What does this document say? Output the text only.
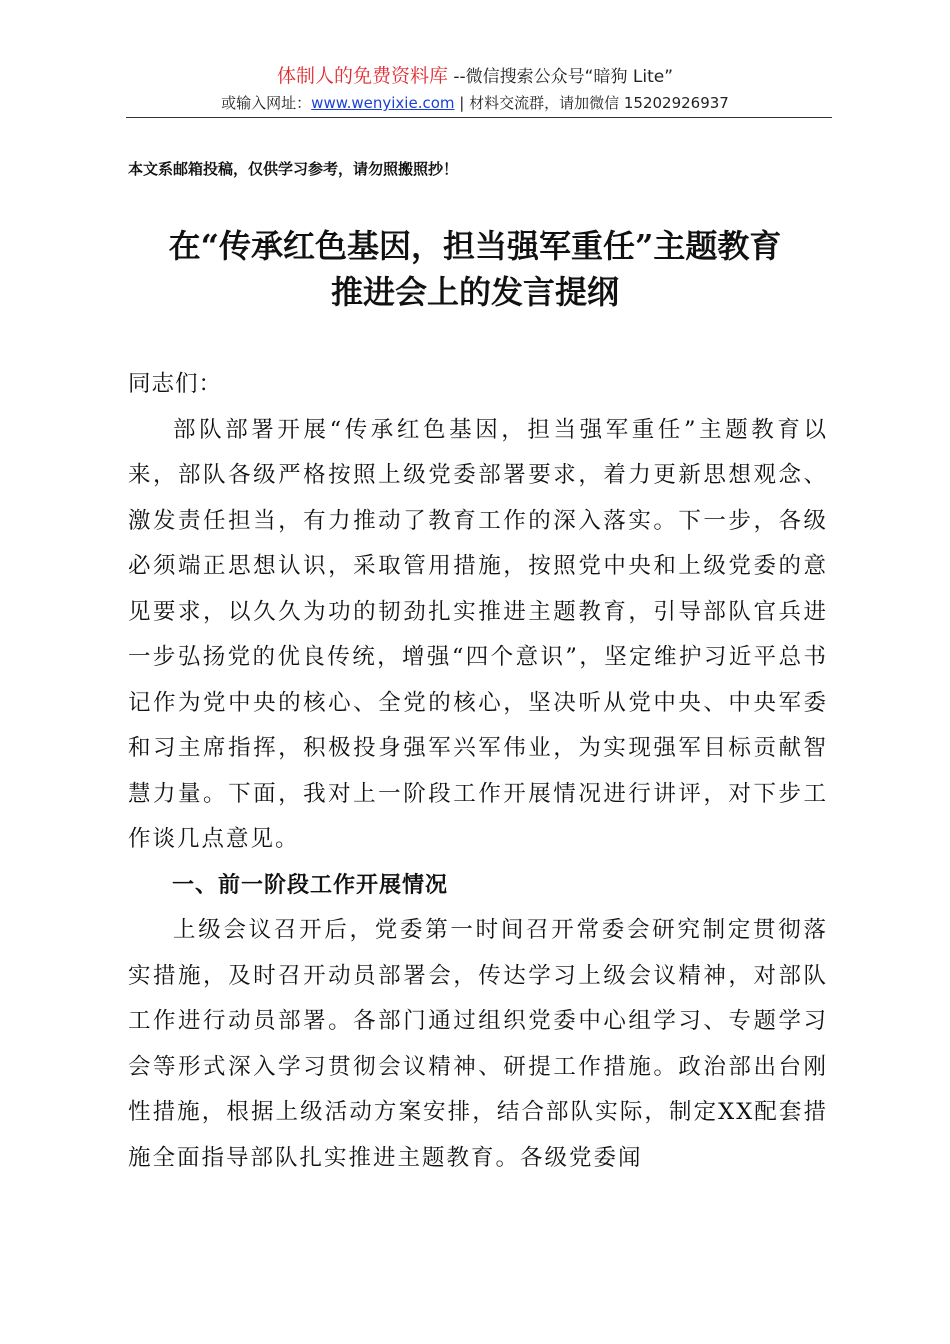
体制人的免费资料库 --微信搜索公众号“暗狗 Lite”
或输入网址：www.wenyixie.com | 材料交流群，请加微信 15202926937
本文系邮箱投稿，仅供学习参考，请勿照搬照抄！
在“传承红色基因，担当强军重任”主题教育
推进会上的发言提纲

同志们：

部队部署开展“传承红色基因，担当强军重任”主题教育以来，部队各级严格按照上级党委部署要求，着力更新思想观念、激发责任担当，有力推动了教育工作的深入落实。下一步，各级必须端正思想认识，采取管用措施，按照党中央和上级党委的意见要求，以久久为功的韧劲扎实推进主题教育，引导部队官兵进一步弘扬党的优良传统，增强“四个意识”，坚定维护习近平总书记作为党中央的核心、全党的核心，坚决听从党中央、中央军委和习主席指挥，积极投身强军兴军伟业，为实现强军目标贡献智慧力量。下面，我对上一阶段工作开展情况进行讲评，对下步工作谈几点意见。

一、前一阶段工作开展情况

上级会议召开后，党委第一时间召开常委会研究制定贯彻落实措施，及时召开动员部署会，传达学习上级会议精神，对部队工作进行动员部署。各部门通过组织党委中心组学习、专题学习会等形式深入学习贯彻会议精神、研提工作措施。政治部出台刚性措施，根据上级活动方案安排，结合部队实际，制定XX配套措施全面指导部队扎实推进主题教育。各级党委闻
